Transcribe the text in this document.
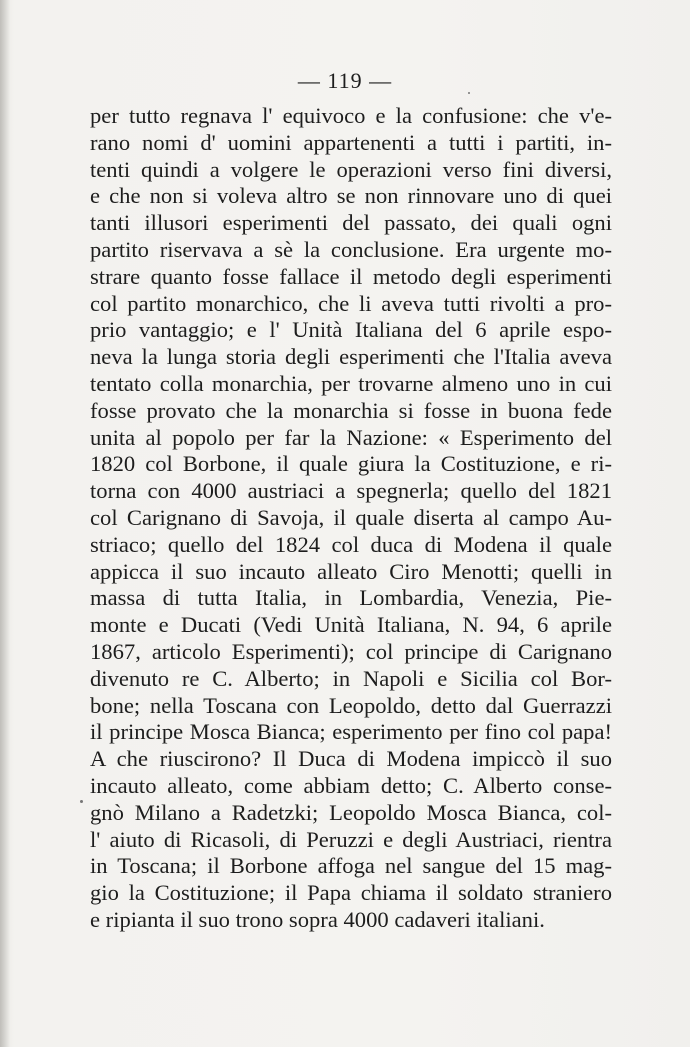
— 119 —
per tutto regnava l' equivoco e la confusione: che v'e-
rano nomi d' uomini appartenenti a tutti i partiti, in-
tenti quindi a volgere le operazioni verso fini diversi,
e che non si voleva altro se non rinnovare uno di quei
tanti illusori esperimenti del passato, dei quali ogni
partito riservava a sè la conclusione. Era urgente mo-
strare quanto fosse fallace il metodo degli esperimenti
col partito monarchico, che li aveva tutti rivolti a pro-
prio vantaggio; e l' Unità Italiana del 6 aprile espo-
neva la lunga storia degli esperimenti che l'Italia aveva
tentato colla monarchia, per trovarne almeno uno in cui
fosse provato che la monarchia si fosse in buona fede
unita al popolo per far la Nazione: « Esperimento del
1820 col Borbone, il quale giura la Costituzione, e ri-
torna con 4000 austriaci a spegnerla; quello del 1821
col Carignano di Savoja, il quale diserta al campo Au-
striaco; quello del 1824 col duca di Modena il quale
appicca il suo incauto alleato Ciro Menotti; quelli in
massa di tutta Italia, in Lombardia, Venezia, Pie-
monte e Ducati (Vedi Unità Italiana, N. 94, 6 aprile
1867, articolo Esperimenti); col principe di Carignano
divenuto re C. Alberto; in Napoli e Sicilia col Bor-
bone; nella Toscana con Leopoldo, detto dal Guerrazzi
il principe Mosca Bianca; esperimento per fino col papa!
A che riuscirono? Il Duca di Modena impiccò il suo
incauto alleato, come abbiam detto; C. Alberto conse-
gnò Milano a Radetzki; Leopoldo Mosca Bianca, col-
l' aiuto di Ricasoli, di Peruzzi e degli Austriaci, rientra
in Toscana; il Borbone affoga nel sangue del 15 mag-
gio la Costituzione; il Papa chiama il soldato straniero
e ripianta il suo trono sopra 4000 cadaveri italiani.
